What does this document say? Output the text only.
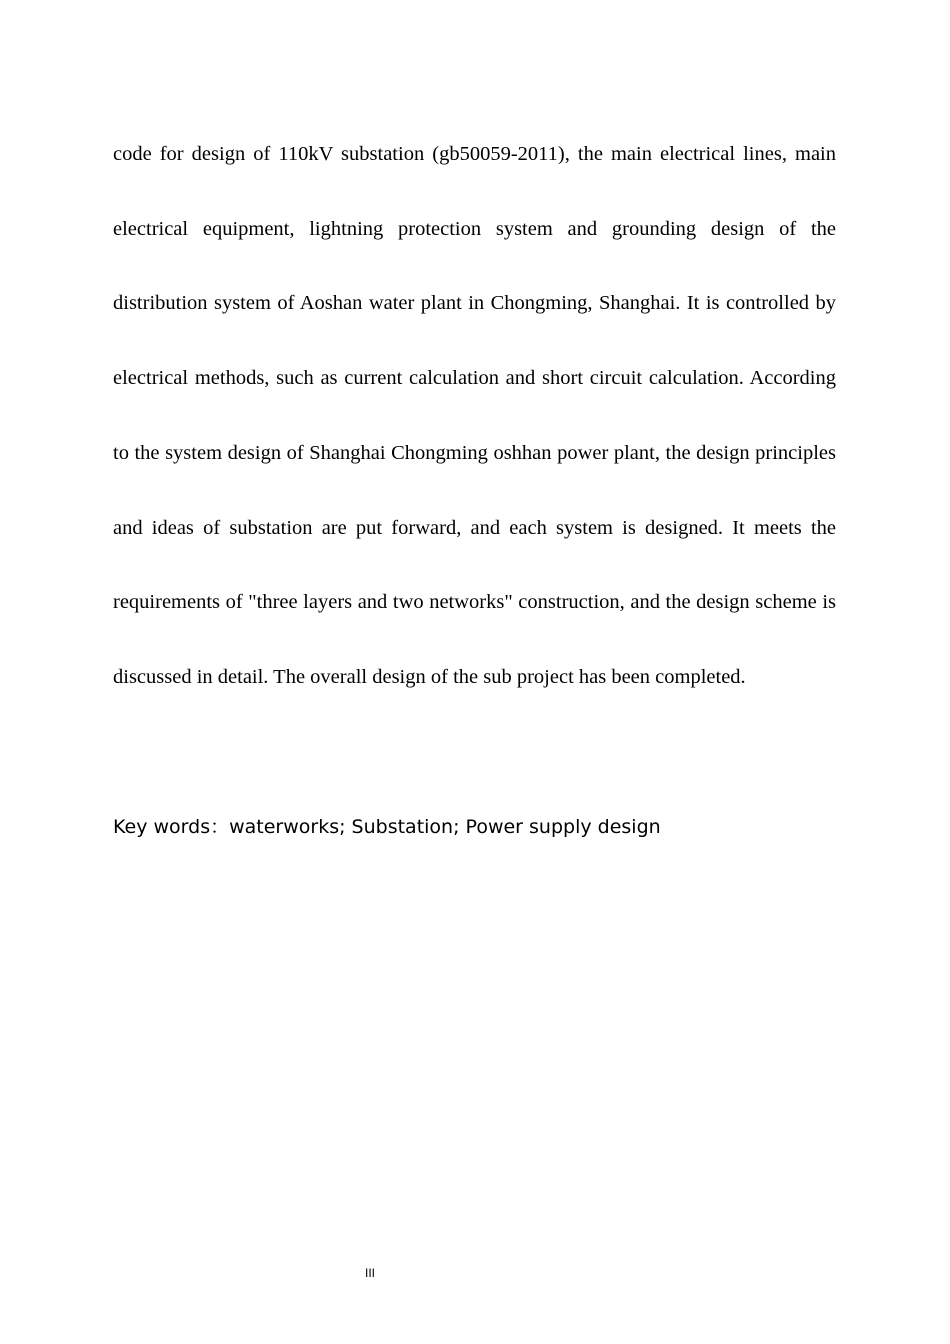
code for design of 110kV substation (gb50059-2011), the main electrical lines, main electrical equipment, lightning protection system and grounding design of the distribution system of Aoshan water plant in Chongming, Shanghai. It is controlled by electrical methods, such as current calculation and short circuit calculation. According to the system design of Shanghai Chongming oshhan power plant, the design principles and ideas of substation are put forward, and each system is designed. It meets the requirements of "three layers and two networks" construction, and the design scheme is discussed in detail. The overall design of the sub project has been completed.

Key words：waterworks; Substation; Power supply design

III
